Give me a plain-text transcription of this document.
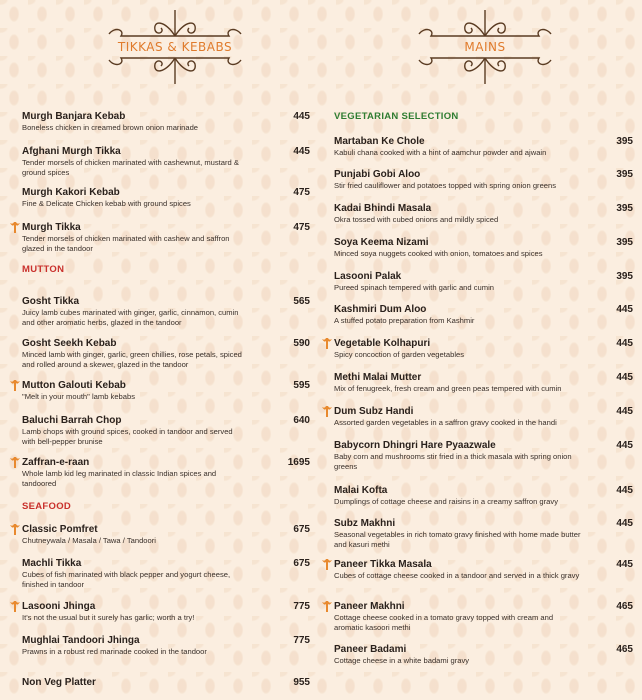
TIKKAS & KEBABS	MAINS
MUTTON
SEAFOOD
VEGETARIAN SELECTION
Murgh Banjara Kebab
Boneless chicken in creamed brown onion marinade
445
Afghani Murgh Tikka
Tender morsels of chicken marinated with cashewnut, mustard & ground spices
445
Murgh Kakori Kebab
Fine & Delicate Chicken kebab with ground spices
475
Murgh Tikka
Tender morsels of chicken marinated with cashew and saffron glazed in the tandoor
475
Gosht Tikka
Juicy lamb cubes marinated with ginger, garlic, cinnamon, cumin and other aromatic herbs, glazed in the tandoor
565
Gosht Seekh Kebab
Minced lamb with ginger, garlic, green chillies, rose petals, spiced and rolled around a skewer, glazed in the tandoor
590
Mutton Galouti Kebab
"Melt in your mouth" lamb kebabs
595
Baluchi Barrah Chop
Lamb chops with ground spices, cooked in tandoor and served with bell-pepper brunise
640
Zaffran-e-raan
Whole lamb kid leg marinated in classic Indian spices and tandoored
1695
Classic Pomfret
Chutneywala / Masala / Tawa / Tandoori
675
Machli Tikka
Cubes of fish marinated with black pepper and yogurt cheese, finished in tandoor
675
Lasooni Jhinga
It's not the usual but it surely has garlic; worth a try!
775
Mughlai Tandoori Jhinga
Prawns in a robust red marinade cooked in the tandoor
775
Non Veg Platter	955
Martaban Ke Chole
Kabuli chana cooked with a hint of aamchur powder and ajwain
395
Punjabi Gobi Aloo
Stir fried cauliflower and potatoes topped with spring onion greens
395
Kadai Bhindi Masala
Okra tossed with cubed onions and mildly spiced
395
Soya Keema Nizami
Minced soya nuggets cooked with onion, tomatoes and spices
395
Lasooni Palak
Pureed spinach tempered with garlic and cumin
395
Kashmiri Dum Aloo
A stuffed potato preparation from Kashmir
445
Vegetable Kolhapuri
Spicy concoction of garden vegetables
445
Methi Malai Mutter
Mix of fenugreek, fresh cream and green peas tempered with cumin
445
Dum Subz Handi
Assorted garden vegetables in a saffron gravy cooked in the handi
445
Babycorn Dhingri Hare Pyaazwale
Baby corn and mushrooms stir fried in a thick masala with spring onion greens
445
Malai Kofta
Dumplings of cottage cheese and raisins in a creamy saffron gravy
445
Subz Makhni
Seasonal vegetables in rich tomato gravy finished with home made butter and kasuri methi
445
Paneer Tikka Masala
Cubes of cottage cheese cooked in a tandoor and served in a thick gravy
445
Paneer Makhni
Cottage cheese cooked in a tomato gravy topped with cream and aromatic kasoori methi
465
Paneer Badami
Cottage cheese in a white badami gravy
465
